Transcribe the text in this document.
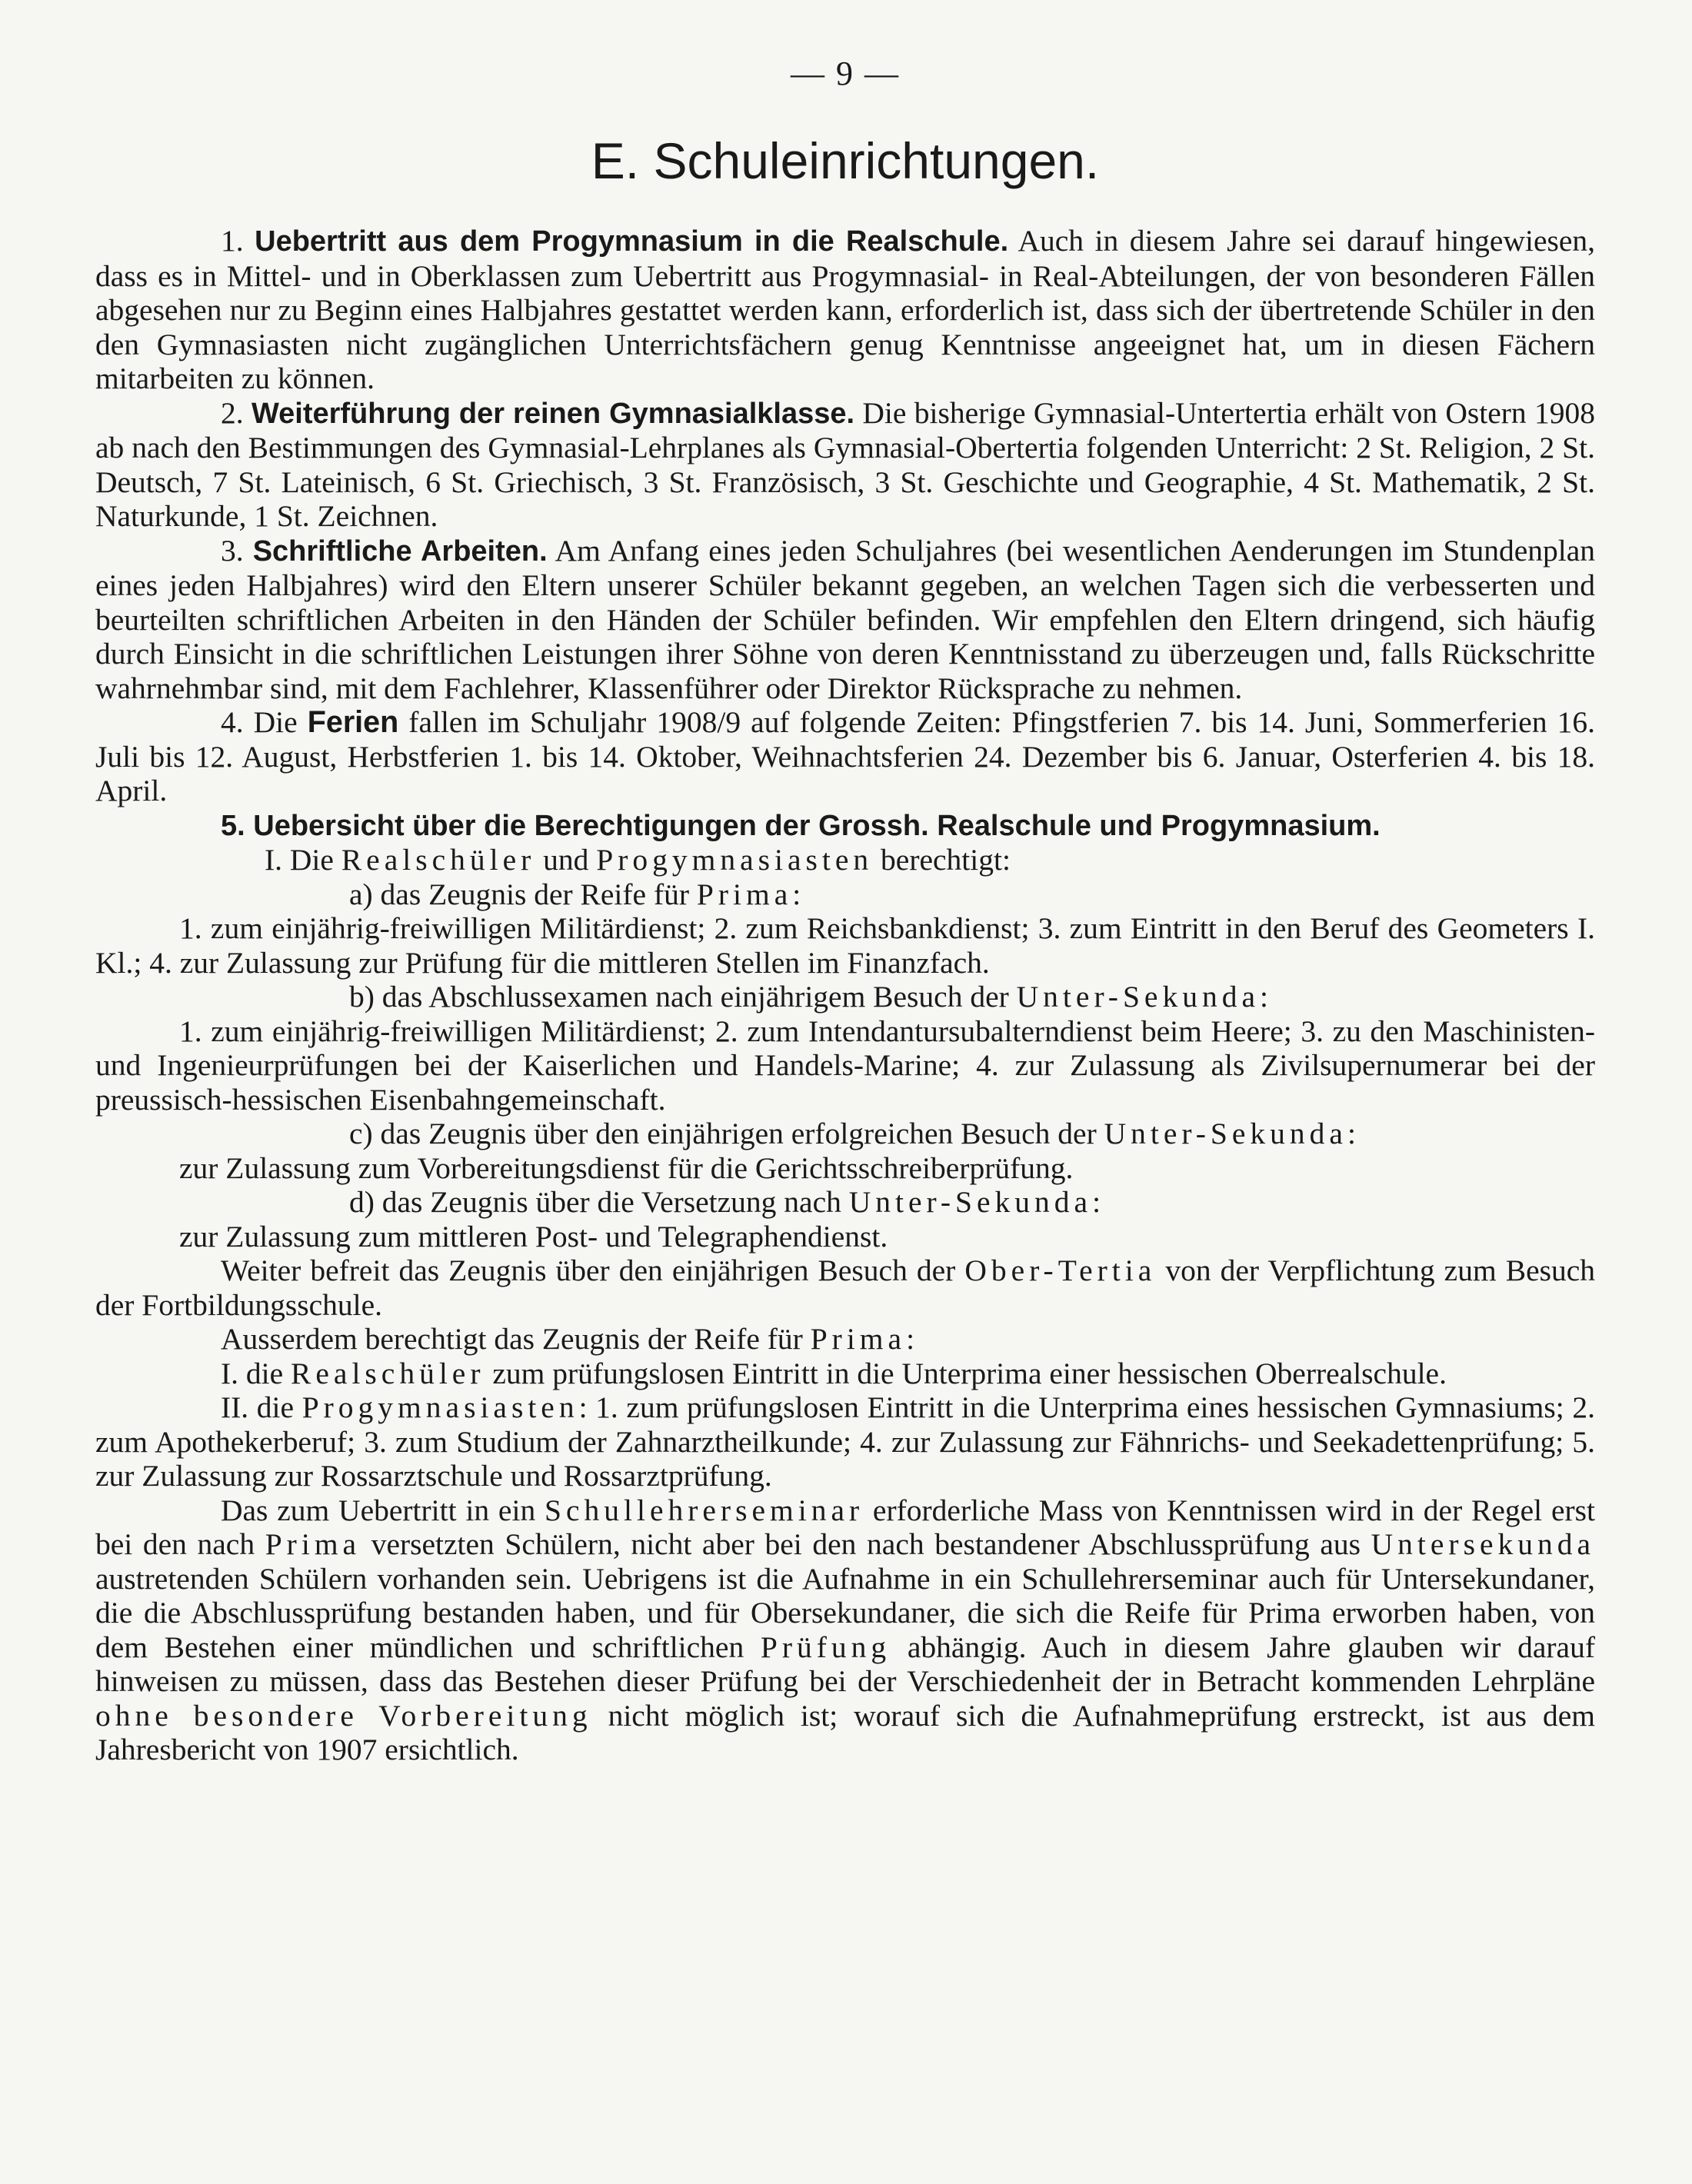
— 9 —
E. Schuleinrichtungen.

1. Uebertritt aus dem Progymnasium in die Realschule. Auch in diesem Jahre sei darauf hingewiesen, dass es in Mittel- und in Oberklassen zum Uebertritt aus Progymnasial- in Real-Abteilungen, der von besonderen Fällen abgesehen nur zu Beginn eines Halbjahres gestattet werden kann, erforderlich ist, dass sich der übertretende Schüler in den den Gymnasiasten nicht zugänglichen Unterrichtsfächern genug Kenntnisse angeeignet hat, um in diesen Fächern mitarbeiten zu können.

2. Weiterführung der reinen Gymnasialklasse. Die bisherige Gymnasial-Untertertia erhält von Ostern 1908 ab nach den Bestimmungen des Gymnasial-Lehrplanes als Gymnasial-Obertertia folgenden Unterricht: 2 St. Religion, 2 St. Deutsch, 7 St. Lateinisch, 6 St. Griechisch, 3 St. Französisch, 3 St. Geschichte und Geographie, 4 St. Mathematik, 2 St. Naturkunde, 1 St. Zeichnen.

3. Schriftliche Arbeiten. Am Anfang eines jeden Schuljahres (bei wesentlichen Aenderungen im Stundenplan eines jeden Halbjahres) wird den Eltern unserer Schüler bekannt gegeben, an welchen Tagen sich die verbesserten und beurteilten schriftlichen Arbeiten in den Händen der Schüler befinden. Wir empfehlen den Eltern dringend, sich häufig durch Einsicht in die schriftlichen Leistungen ihrer Söhne von deren Kenntnisstand zu überzeugen und, falls Rückschritte wahrnehmbar sind, mit dem Fachlehrer, Klassenführer oder Direktor Rücksprache zu nehmen.

4. Die Ferien fallen im Schuljahr 1908/9 auf folgende Zeiten: Pfingstferien 7. bis 14. Juni, Sommerferien 16. Juli bis 12. August, Herbstferien 1. bis 14. Oktober, Weihnachtsferien 24. Dezember bis 6. Januar, Osterferien 4. bis 18. April.

5. Uebersicht über die Berechtigungen der Grossh. Realschule und Progymnasium.

I. Die Realschüler und Progymnasiasten berechtigt:

a) das Zeugnis der Reife für Prima:

1. zum einjährig-freiwilligen Militärdienst; 2. zum Reichsbankdienst; 3. zum Eintritt in den Beruf des Geometers I. Kl.; 4. zur Zulassung zur Prüfung für die mittleren Stellen im Finanzfach.

b) das Abschlussexamen nach einjährigem Besuch der Unter-Sekunda:

1. zum einjährig-freiwilligen Militärdienst; 2. zum Intendantursubalterndienst beim Heere; 3. zu den Maschinisten- und Ingenieurprüfungen bei der Kaiserlichen und Handels-Marine; 4. zur Zulassung als Zivilsupernumerar bei der preussisch-hessischen Eisenbahngemeinschaft.

c) das Zeugnis über den einjährigen erfolgreichen Besuch der Unter-Sekunda:

zur Zulassung zum Vorbereitungsdienst für die Gerichtsschreiberprüfung.

d) das Zeugnis über die Versetzung nach Unter-Sekunda:

zur Zulassung zum mittleren Post- und Telegraphendienst.

Weiter befreit das Zeugnis über den einjährigen Besuch der Ober-Tertia von der Verpflichtung zum Besuch der Fortbildungsschule.

Ausserdem berechtigt das Zeugnis der Reife für Prima:

I. die Realschüler zum prüfungslosen Eintritt in die Unterprima einer hessischen Oberrealschule.

II. die Progymnasiasten: 1. zum prüfungslosen Eintritt in die Unterprima eines hessischen Gymnasiums; 2. zum Apothekerberuf; 3. zum Studium der Zahnarztheilkunde; 4. zur Zulassung zur Fähnrichs- und Seekadettenprüfung; 5. zur Zulassung zur Rossarztschule und Rossarztprüfung.

Das zum Uebertritt in ein Schullehrerseminar erforderliche Mass von Kenntnissen wird in der Regel erst bei den nach Prima versetzten Schülern, nicht aber bei den nach bestandener Abschlussprüfung aus Untersekunda austretenden Schülern vorhanden sein. Uebrigens ist die Aufnahme in ein Schullehrerseminar auch für Untersekundaner, die die Abschlussprüfung bestanden haben, und für Obersekundaner, die sich die Reife für Prima erworben haben, von dem Bestehen einer mündlichen und schriftlichen Prüfung abhängig. Auch in diesem Jahre glauben wir darauf hinweisen zu müssen, dass das Bestehen dieser Prüfung bei der Verschiedenheit der in Betracht kommenden Lehrpläne ohne besondere Vorbereitung nicht möglich ist; worauf sich die Aufnahmeprüfung erstreckt, ist aus dem Jahresbericht von 1907 ersichtlich.
